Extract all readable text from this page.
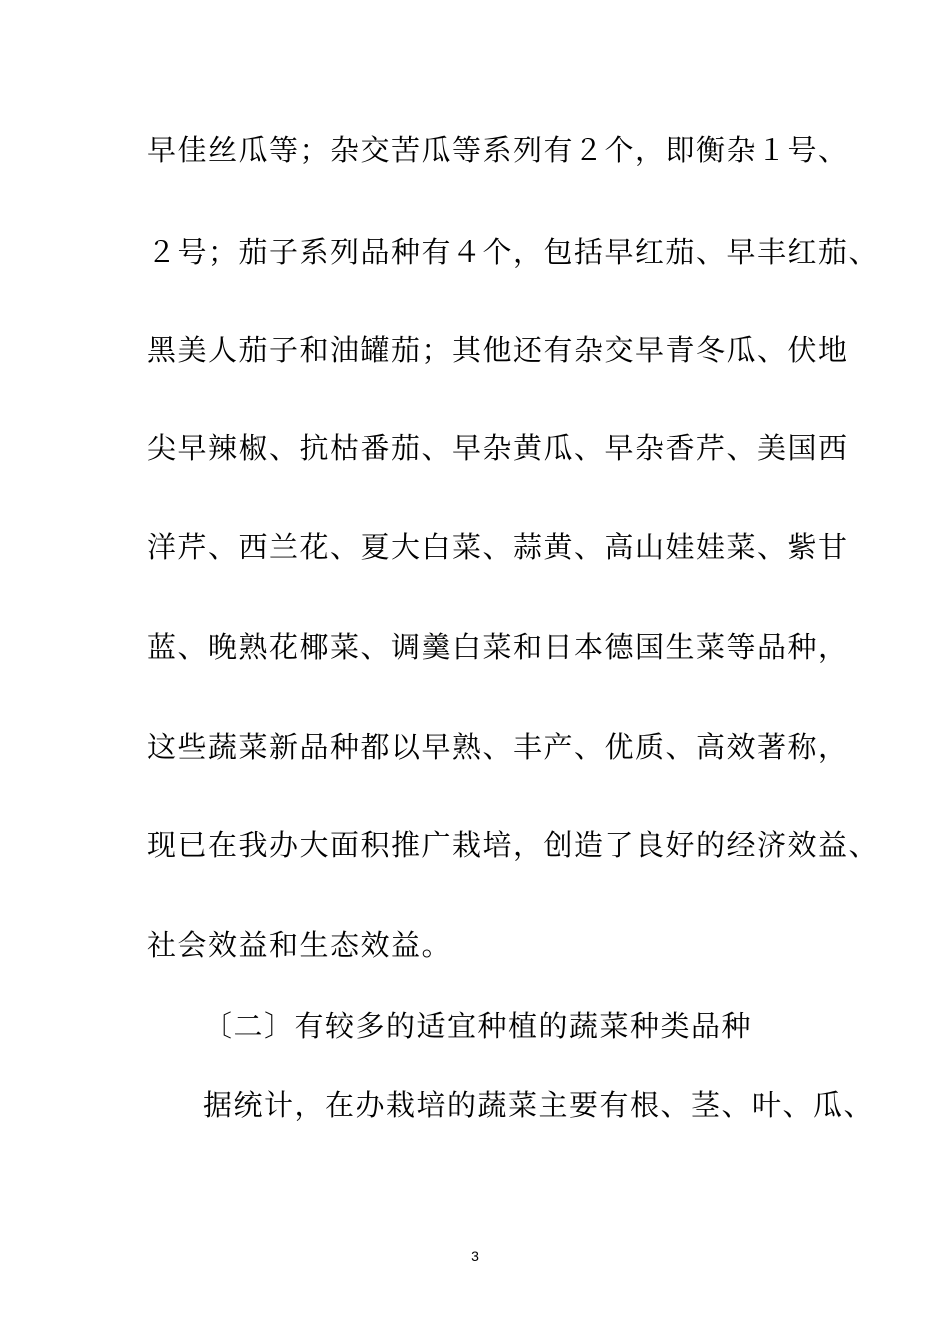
早佳丝瓜等；杂交苦瓜等系列有２个，即衡杂１号、
２号；茄子系列品种有４个，包括早红茄、早丰红茄、
黑美人茄子和油罐茄；其他还有杂交早青冬瓜、伏地
尖早辣椒、抗枯番茄、早杂黄瓜、早杂香芹、美国西
洋芹、西兰花、夏大白菜、蒜黄、高山娃娃菜、紫甘
蓝、晚熟花椰菜、调羹白菜和日本德国生菜等品种，
这些蔬菜新品种都以早熟、丰产、优质、高效著称，
现已在我办大面积推广栽培，创造了良好的经济效益、
社会效益和生态效益。
〔二〕有较多的适宜种植的蔬菜种类品种
据统计，在办栽培的蔬菜主要有根、茎、叶、瓜、
3
